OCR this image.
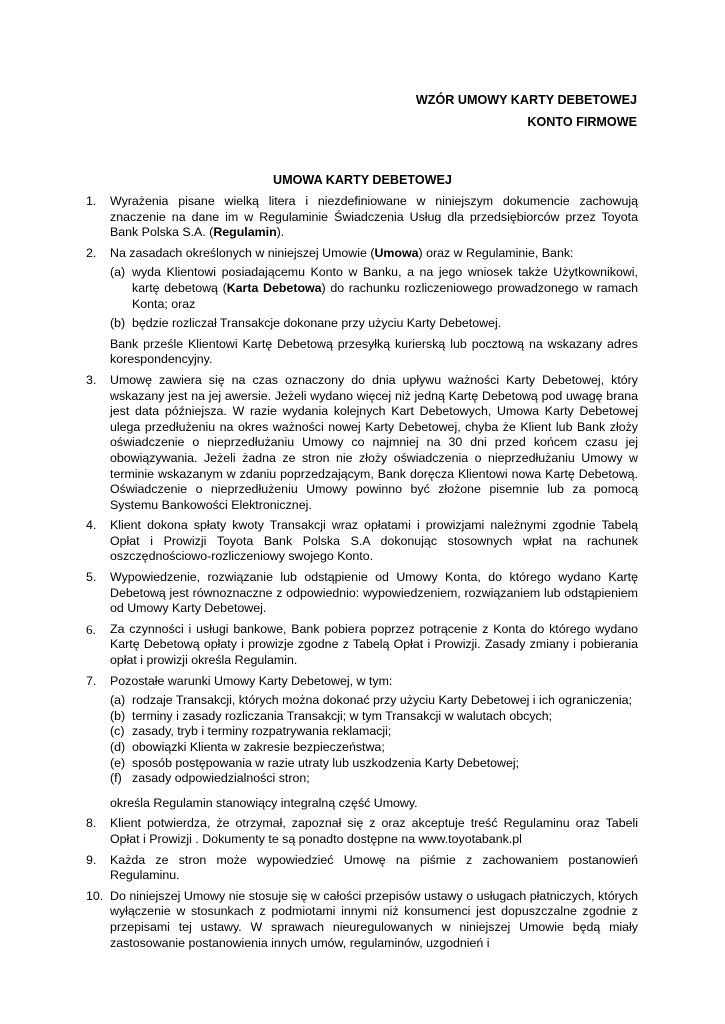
WZÓR UMOWY KARTY DEBETOWEJ
KONTO FIRMOWE
UMOWA KARTY DEBETOWEJ
1.	Wyrażenia pisane wielką litera i niezdefiniowane w niniejszym dokumencie zachowują znaczenie na dane im w Regulaminie Świadczenia Usług dla przedsiębiorców przez Toyota Bank Polska S.A. (Regulamin).

2.	Na zasadach określonych w niniejszej Umowie (Umowa) oraz w Regulaminie, Bank:

(a) wyda Klientowi posiadającemu Konto w Banku, a na jego wniosek także Użytkownikowi, kartę debetową (Karta Debetowa) do rachunku rozliczeniowego prowadzonego w ramach Konta; oraz
(b) będzie rozliczał Transakcje dokonane przy użyciu Karty Debetowej.
Bank prześle Klientowi Kartę Debetową przesyłką kurierską lub pocztową na wskazany adres korespondencyjny.
3.	Umowę zawiera się na czas oznaczony do dnia upływu ważności Karty Debetowej, który wskazany jest na jej awersie. Jeżeli wydano więcej niż jedną Kartę Debetową pod uwagę brana jest data późniejsza. W razie wydania kolejnych Kart Debetowych, Umowa Karty Debetowej ulega przedłużeniu na okres ważności nowej Karty Debetowej, chyba że Klient lub Bank złoży oświadczenie o nieprzedłużaniu Umowy co najmniej na 30 dni przed końcem czasu jej obowiązywania. Jeżeli żadna ze stron nie złoży oświadczenia o nieprzedłużaniu Umowy w terminie wskazanym w zdaniu poprzedzającym, Bank doręcza Klientowi nowa Kartę Debetową. Oświadczenie o nieprzedłużeniu Umowy powinno być złożone pisemnie lub za pomocą Systemu Bankowości Elektronicznej.
4.	Klient dokona spłaty kwoty Transakcji wraz opłatami i prowizjami należnymi zgodnie Tabelą Opłat i Prowizji Toyota Bank Polska S.A dokonując stosownych wpłat na rachunek oszczędnościowo-rozliczeniowy swojego Konto.
5.	Wypowiedzenie, rozwiązanie lub odstąpienie od Umowy Konta, do którego wydano Kartę Debetową jest równoznaczne z odpowiednio: wypowiedzeniem, rozwiązaniem lub odstąpieniem od Umowy Karty Debetowej.
6.	Za czynności i usługi bankowe, Bank pobiera poprzez potrącenie z Konta do którego wydano Kartę Debetową opłaty i prowizje zgodne z Tabelą Opłat i Prowizji. Zasady zmiany i pobierania opłat i prowizji określa Regulamin.
7.	Pozostałe warunki Umowy Karty Debetowej, w tym:

(a) rodzaje Transakcji, których można dokonać przy użyciu Karty Debetowej i ich ograniczenia;
(b) terminy i zasady rozliczania Transakcji; w tym Transakcji w walutach obcych;
(c) zasady, tryb i terminy rozpatrywania reklamacji;
(d) obowiązki Klienta w zakresie bezpieczeństwa;
(e) sposób postępowania w razie utraty lub uszkodzenia Karty Debetowej;
(f) zasady odpowiedzialności stron;
określa Regulamin stanowiący integralną część Umowy.
8.	Klient potwierdza, że otrzymał, zapoznał się z oraz akceptuje treść Regulaminu oraz Tabeli Opłat i Prowizji . Dokumenty te są ponadto dostępne na www.toyotabank.pl
9.	Każda ze stron może wypowiedzieć Umowę na piśmie z zachowaniem postanowień Regulaminu.
10. Do niniejszej Umowy nie stosuje się w całości przepisów ustawy o usługach płatniczych, których wyłączenie w stosunkach z podmiotami innymi niż konsumenci jest dopuszczalne zgodnie z przepisami tej ustawy. W sprawach nieuregulowanych w niniejszej Umowie będą miały zastosowanie postanowienia innych umów, regulaminów, uzgodnień i
